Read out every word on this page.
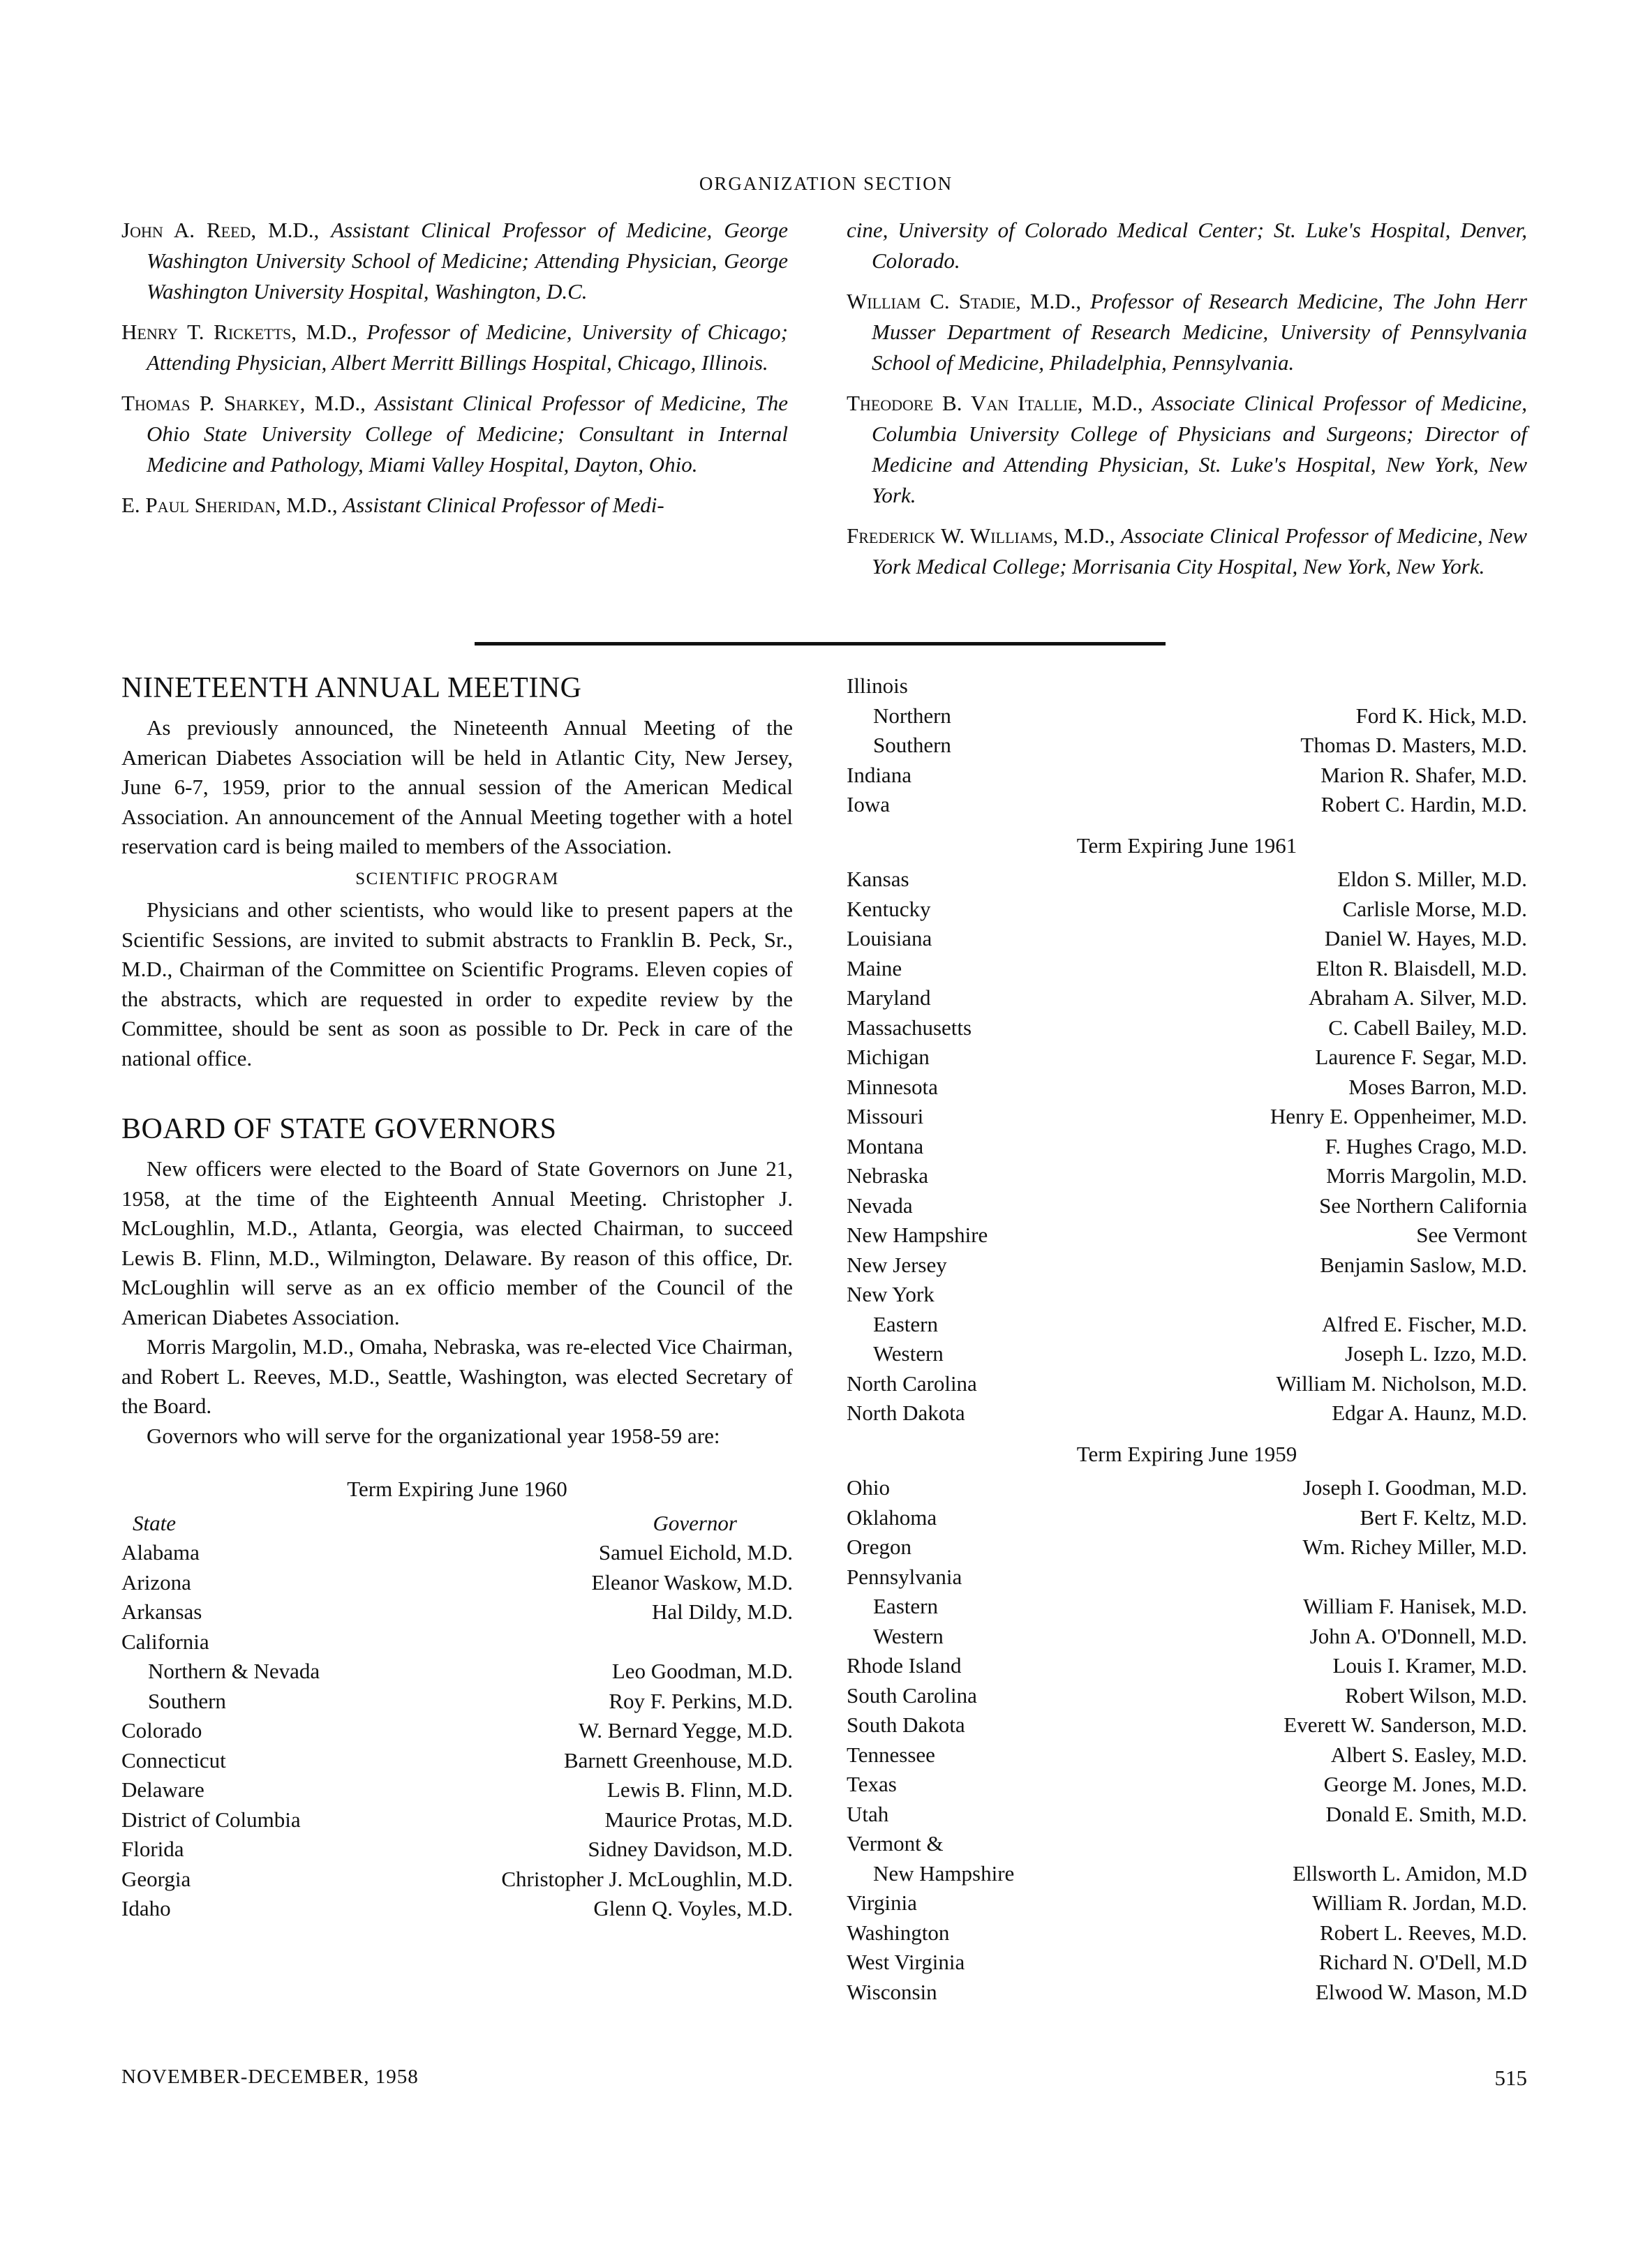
ORGANIZATION SECTION
John A. Reed, M.D., Assistant Clinical Professor of Medicine, George Washington University School of Medicine; Attending Physician, George Washington University Hospital, Washington, D.C.
Henry T. Ricketts, M.D., Professor of Medicine, University of Chicago; Attending Physician, Albert Merritt Billings Hospital, Chicago, Illinois.
Thomas P. Sharkey, M.D., Assistant Clinical Professor of Medicine, The Ohio State University College of Medicine; Consultant in Internal Medicine and Pathology, Miami Valley Hospital, Dayton, Ohio.
E. Paul Sheridan, M.D., Assistant Clinical Professor of Medi-
cine, University of Colorado Medical Center; St. Luke's Hospital, Denver, Colorado.
William C. Stadie, M.D., Professor of Research Medicine, The John Herr Musser Department of Research Medicine, University of Pennsylvania School of Medicine, Philadelphia, Pennsylvania.
Theodore B. Van Itallie, M.D., Associate Clinical Professor of Medicine, Columbia University College of Physicians and Surgeons; Director of Medicine and Attending Physician, St. Luke's Hospital, New York, New York.
Frederick W. Williams, M.D., Associate Clinical Professor of Medicine, New York Medical College; Morrisania City Hospital, New York, New York.
NINETEENTH ANNUAL MEETING

As previously announced, the Nineteenth Annual Meeting of the American Diabetes Association will be held in Atlantic City, New Jersey, June 6-7, 1959, prior to the annual session of the American Medical Association. An announcement of the Annual Meeting together with a hotel reservation card is being mailed to members of the Association.

SCIENTIFIC PROGRAM

Physicians and other scientists, who would like to present papers at the Scientific Sessions, are invited to submit abstracts to Franklin B. Peck, Sr., M.D., Chairman of the Committee on Scientific Programs. Eleven copies of the abstracts, which are requested in order to expedite review by the Committee, should be sent as soon as possible to Dr. Peck in care of the national office.

BOARD OF STATE GOVERNORS

New officers were elected to the Board of State Governors on June 21, 1958, at the time of the Eighteenth Annual Meeting. Christopher J. McLoughlin, M.D., Atlanta, Georgia, was elected Chairman, to succeed Lewis B. Flinn, M.D., Wilmington, Delaware. By reason of this office, Dr. McLoughlin will serve as an ex officio member of the Council of the American Diabetes Association.

Morris Margolin, M.D., Omaha, Nebraska, was re-elected Vice Chairman, and Robert L. Reeves, M.D., Seattle, Washington, was elected Secretary of the Board.

Governors who will serve for the organizational year 1958-59 are:

Term Expiring June 1960
State	Governor
Alabama	Samuel Eichold, M.D.
Arizona	Eleanor Waskow, M.D.
Arkansas	Hal Dildy, M.D.
California
Northern & Nevada	Leo Goodman, M.D.
Southern	Roy F. Perkins, M.D.
Colorado	W. Bernard Yegge, M.D.
Connecticut	Barnett Greenhouse, M.D.
Delaware	Lewis B. Flinn, M.D.
District of Columbia	Maurice Protas, M.D.
Florida	Sidney Davidson, M.D.
Georgia	Christopher J. McLoughlin, M.D.
Idaho	Glenn Q. Voyles, M.D.
Illinois
Northern	Ford K. Hick, M.D.
Southern	Thomas D. Masters, M.D.
Indiana	Marion R. Shafer, M.D.
Iowa	Robert C. Hardin, M.D.
Term Expiring June 1961
Kansas	Eldon S. Miller, M.D.
Kentucky	Carlisle Morse, M.D.
Louisiana	Daniel W. Hayes, M.D.
Maine	Elton R. Blaisdell, M.D.
Maryland	Abraham A. Silver, M.D.
Massachusetts	C. Cabell Bailey, M.D.
Michigan	Laurence F. Segar, M.D.
Minnesota	Moses Barron, M.D.
Missouri	Henry E. Oppenheimer, M.D.
Montana	F. Hughes Crago, M.D.
Nebraska	Morris Margolin, M.D.
Nevada	See Northern California
New Hampshire	See Vermont
New Jersey	Benjamin Saslow, M.D.
New York
Eastern	Alfred E. Fischer, M.D.
Western	Joseph L. Izzo, M.D.
North Carolina	William M. Nicholson, M.D.
North Dakota	Edgar A. Haunz, M.D.
Term Expiring June 1959
Ohio	Joseph I. Goodman, M.D.
Oklahoma	Bert F. Keltz, M.D.
Oregon	Wm. Richey Miller, M.D.
Pennsylvania
Eastern	William F. Hanisek, M.D.
Western	John A. O'Donnell, M.D.
Rhode Island	Louis I. Kramer, M.D.
South Carolina	Robert Wilson, M.D.
South Dakota	Everett W. Sanderson, M.D.
Tennessee	Albert S. Easley, M.D.
Texas	George M. Jones, M.D.
Utah	Donald E. Smith, M.D.
Vermont &
New Hampshire	Ellsworth L. Amidon, M.D
Virginia	William R. Jordan, M.D.
Washington	Robert L. Reeves, M.D.
West Virginia	Richard N. O'Dell, M.D
Wisconsin	Elwood W. Mason, M.D
NOVEMBER-DECEMBER, 1958	515
